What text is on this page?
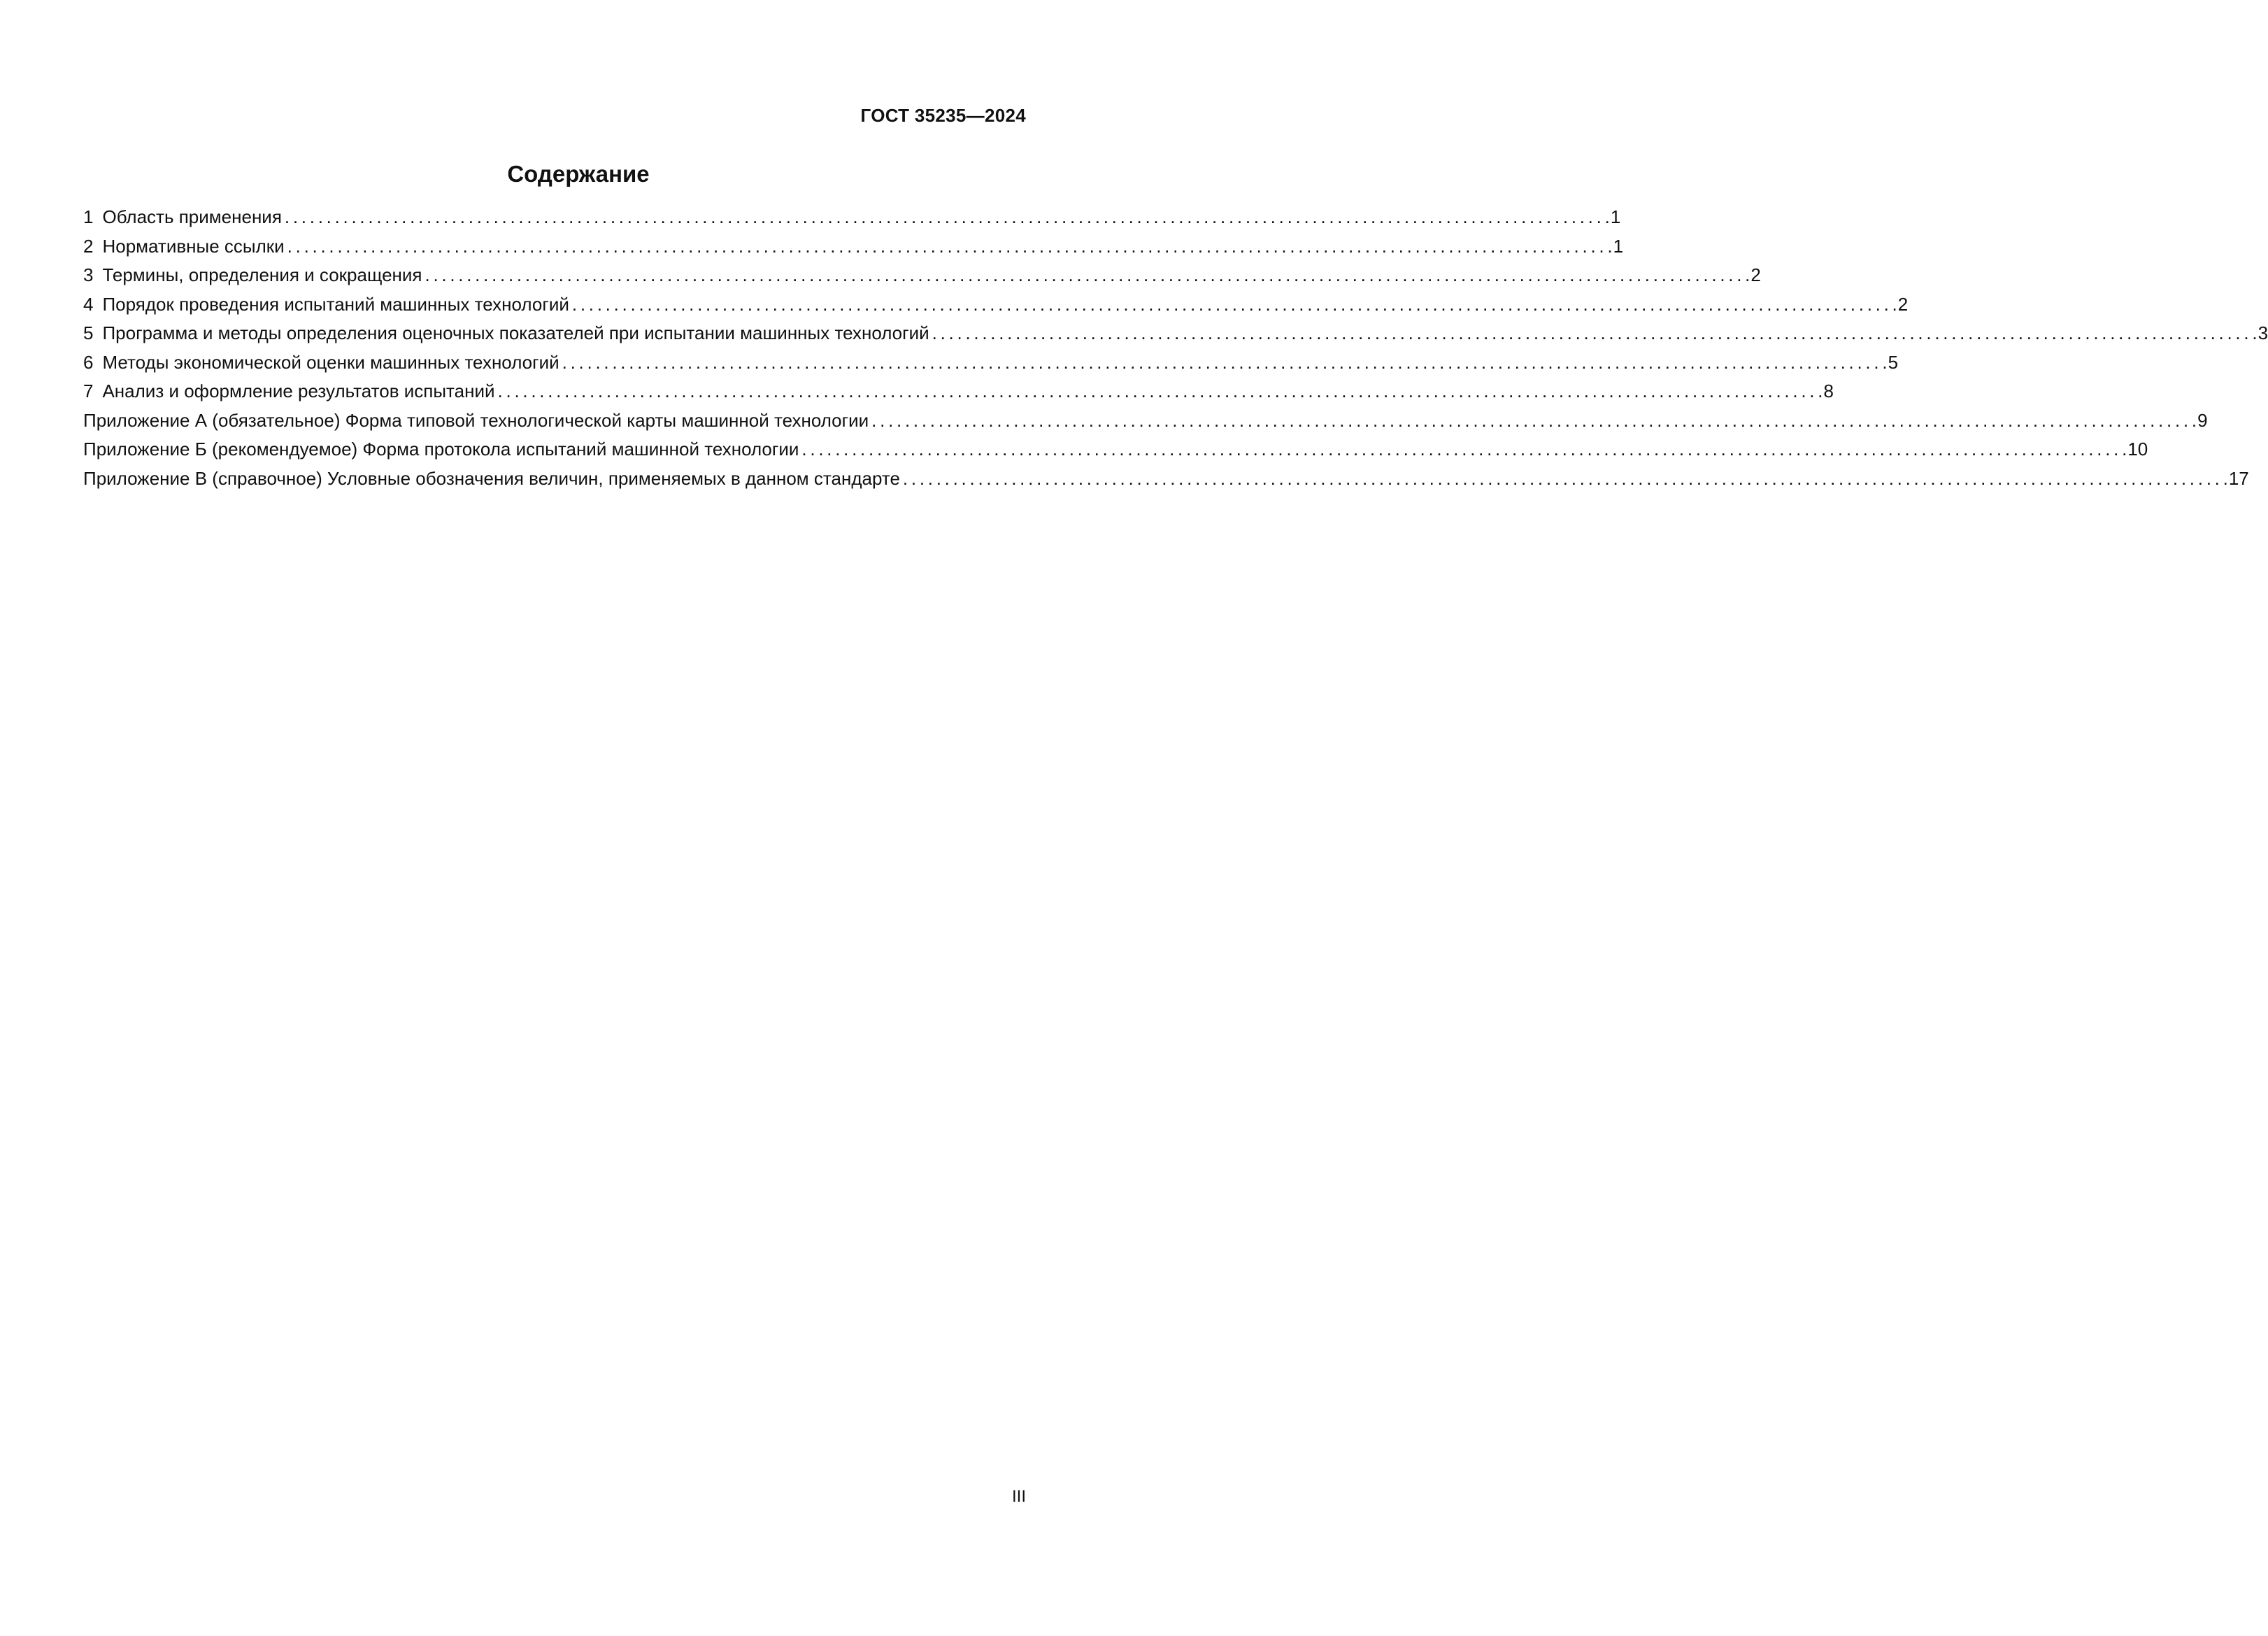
ГОСТ 35235—2024
Содержание
1 Область применения . . .	1
2 Нормативные ссылки . . .	1
3 Термины, определения и сокращения . . .	2
4 Порядок проведения испытаний машинных технологий . . .	2
5 Программа и методы определения оценочных показателей при испытании машинных технологий . . .	3
6 Методы экономической оценки машинных технологий . . .	5
7 Анализ и оформление результатов испытаний . . .	8
Приложение А (обязательное) Форма типовой технологической карты машинной технологии . . .	9
Приложение Б (рекомендуемое) Форма протокола испытаний машинной технологии . . .	10
Приложение В (справочное) Условные обозначения величин, применяемых в данном стандарте . . .	17
III
